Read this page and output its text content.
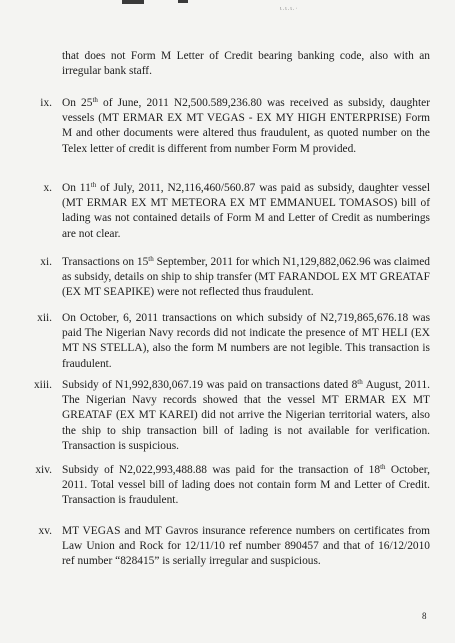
ι.ι.ι.·

that does not Form M Letter of Credit bearing banking code, also with an irregular bank staff.

ix. On 25th of June, 2011 N2,500.589,236.80 was received as subsidy, daughter vessels (MT ERMAR EX MT VEGAS - EX MY HIGH ENTERPRISE) Form M and other documents were altered thus fraudulent, as quoted number on the Telex letter of credit is different from number Form M provided.

x. On 11th of July, 2011, N2,116,460/560.87 was paid as subsidy, daughter vessel (MT ERMAR EX MT METEORA EX MT EMMANUEL TOMASOS) bill of lading was not contained details of Form M and Letter of Credit as numberings are not clear.

xi. Transactions on 15th September, 2011 for which N1,129,882,062.96 was claimed as subsidy, details on ship to ship transfer (MT FARANDOL EX MT GREATAF (EX MT SEAPIKE) were not reflected thus fraudulent.

xii. On October, 6, 2011 transactions on which subsidy of N2,719,865,676.18 was paid The Nigerian Navy records did not indicate the presence of MT HELI (EX MT NS STELLA), also the form M numbers are not legible. This transaction is fraudulent.

xiii. Subsidy of N1,992,830,067.19 was paid on transactions dated 8th August, 2011. The Nigerian Navy records showed that the vessel MT ERMAR EX MT GREATAF (EX MT KAREI) did not arrive the Nigerian territorial waters, also the ship to ship transaction bill of lading is not available for verification. Transaction is suspicious.

xiv. Subsidy of N2,022,993,488.88 was paid for the transaction of 18th October, 2011. Total vessel bill of lading does not contain form M and Letter of Credit. Transaction is fraudulent.

xv. MT VEGAS and MT Gavros insurance reference numbers on certificates from Law Union and Rock for 12/11/10 ref number 890457 and that of 16/12/2010 ref number “828415” is serially irregular and suspicious.

8
